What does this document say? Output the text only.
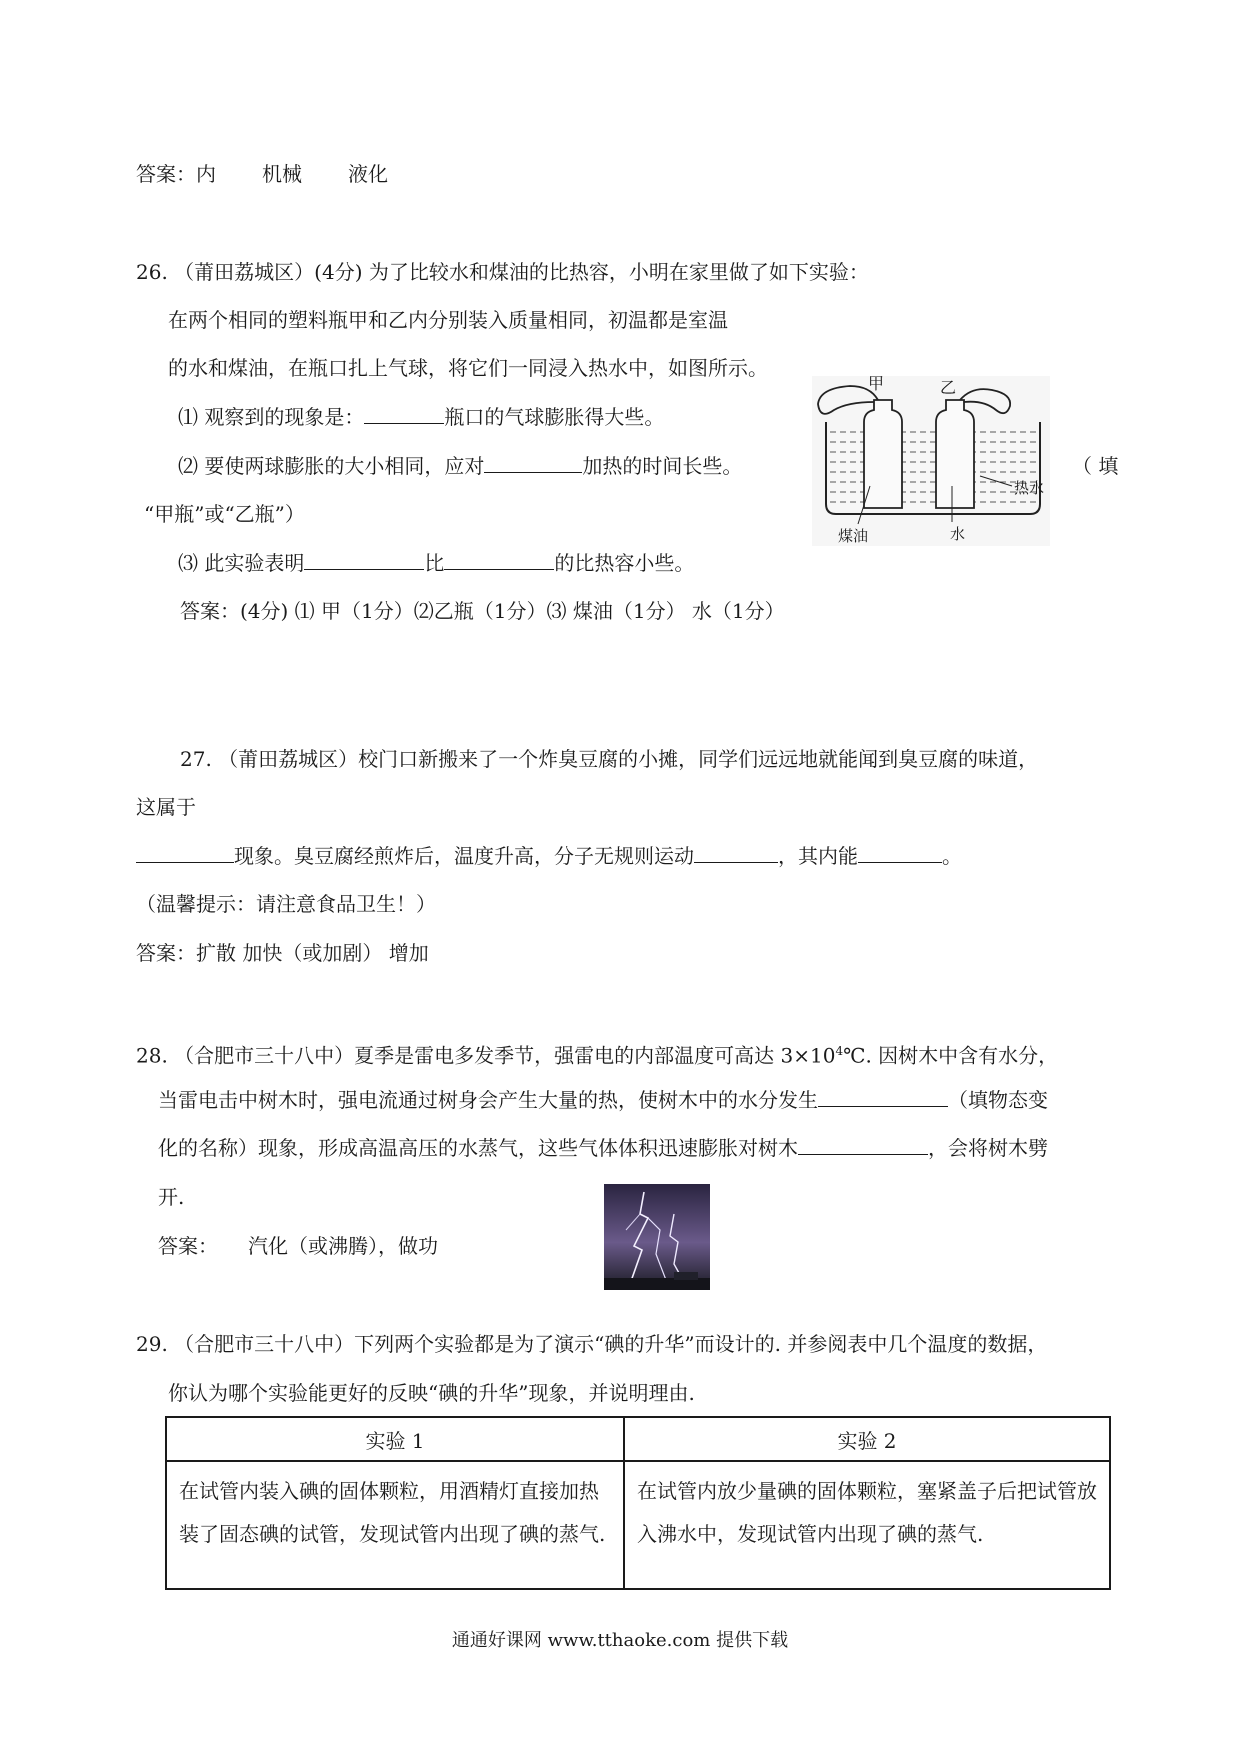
答案：内 机械 液化
26. （莆田荔城区）(4分) 为了比较水和煤油的比热容，小明在家里做了如下实验：
在两个相同的塑料瓶甲和乙内分别装入质量相同，初温都是室温
的水和煤油，在瓶口扎上气球，将它们一同浸入热水中，如图所示。
⑴ 观察到的现象是：	瓶口的气球膨胀得大些。
⑵ 要使两球膨胀的大小相同，应对	加热的时间长些。	（ 填
“甲瓶”或“乙瓶”）
⑶ 此实验表明	比	的比热容小些。
答案：(4分) ⑴ 甲（1分）⑵乙瓶（1分）⑶ 煤油（1分） 水（1分）
甲	乙
热水
煤油	水
27. （莆田荔城区）校门口新搬来了一个炸臭豆腐的小摊，同学们远远地就能闻到臭豆腐的味道，
这属于
现象。臭豆腐经煎炸后，温度升高，分子无规则运动	，其内能	。
（温馨提示：请注意食品卫生！）
答案：扩散 加快（或加剧） 增加
28. （合肥市三十八中）夏季是雷电多发季节，强雷电的内部温度可高达 $3\times 10^4℃$. 因树木中含有水分，
当雷电击中树木时，强电流通过树身会产生大量的热，使树木中的水分发生	（填物态变
化的名称）现象，形成高温高压的水蒸气，这些气体体积迅速膨胀对树木	，会将树木劈
开.
答案： 汽化（或沸腾），做功
29. （合肥市三十八中）下列两个实验都是为了演示“碘的升华”而设计的. 并参阅表中几个温度的数据，
你认为哪个实验能更好的反映“碘的升华”现象，并说明理由.
实验 1	实验 2
在试管内装入碘的固体颗粒，用酒精灯直接加热装了固态碘的试管，发现试管内出现了碘的蒸气.	在试管内放少量碘的固体颗粒，塞紧盖子后把试管放入沸水中，发现试管内出现了碘的蒸气.
通通好课网 www.tthaoke.com 提供下载
